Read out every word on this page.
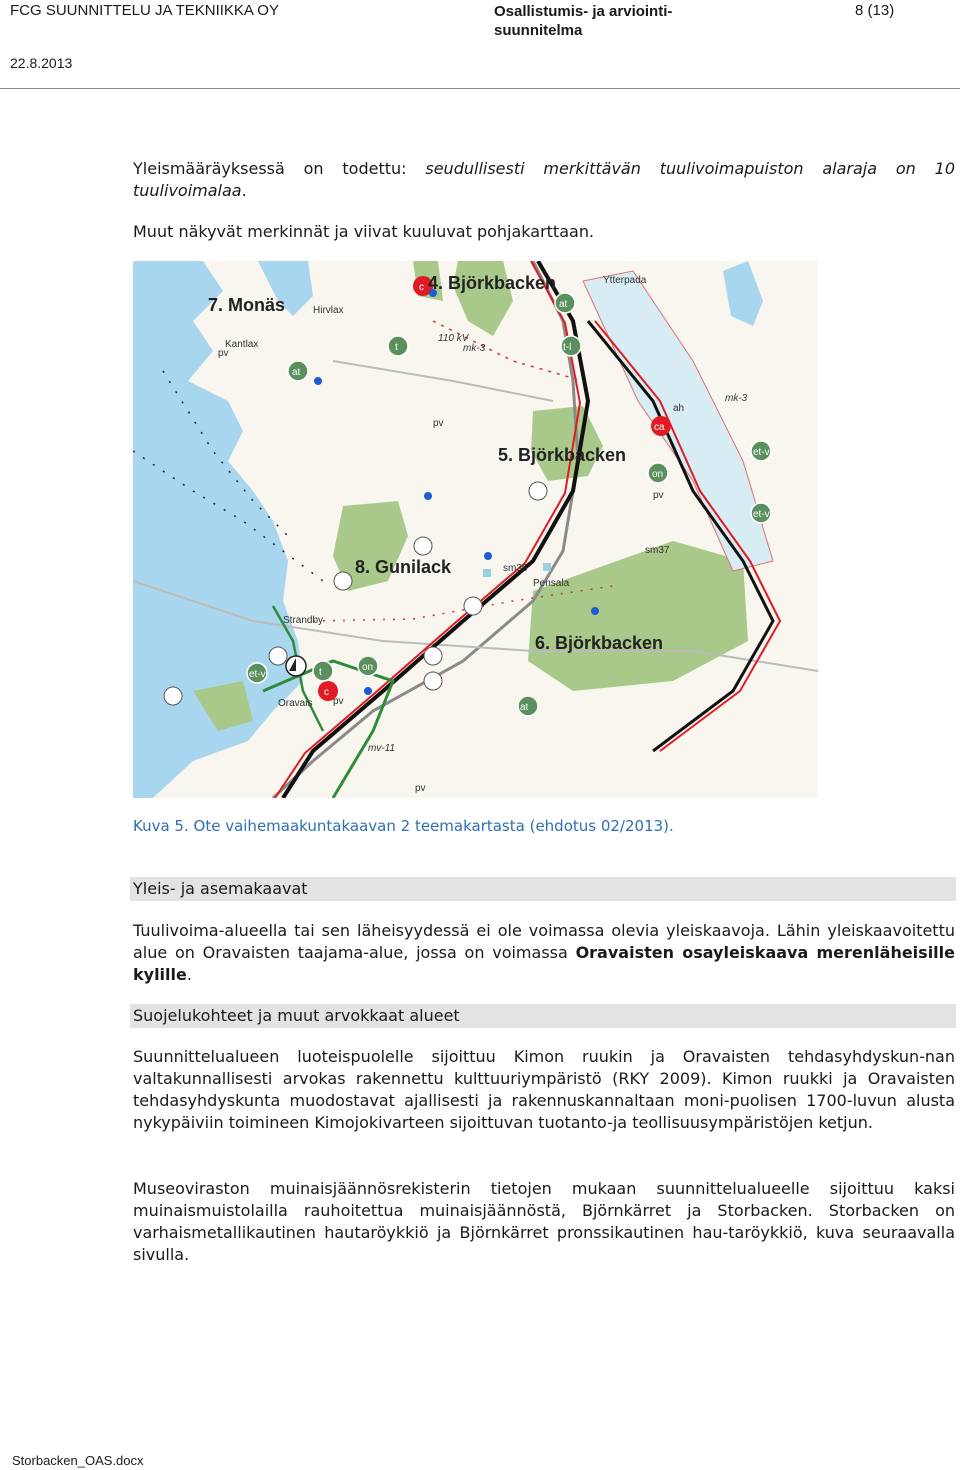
FCG SUUNNITTELU JA TEKNIIKKA OY	Osallistumis- ja arviointi-suunnitelma
8 (13)
22.8.2013
Yleismääräyksessä on todettu: seudullisesti merkittävän tuulivoimapuiston alaraja on 10 tuulivoimalaa.
Muut näkyvät merkinnät ja viivat kuuluvat pohjakarttaan.
4. Björkbacken
5. Björkbacken
6. Björkbacken
7. Monäs
8. Gunilack	sm36
sm37
mk-3
mk-3
mv-11
110 kV
pv
pv
pv
pv
pv
at
at
at
on
on
et-v
et-v
et-v
c
c
ca
t
t	t-l
ah
Pensala
Strandby
Hirvlax
Kantlax
Ytterpada
Oravais
Kuva 5. Ote vaihemaakuntakaavan 2 teemakartasta (ehdotus 02/2013).
Yleis- ja asemakaavat
Tuulivoima-alueella tai sen läheisyydessä ei ole voimassa olevia yleiskaavoja. Lähin yleiskaavoitettu alue on Oravaisten taajama-alue, jossa on voimassa Oravaisten osayleiskaava merenläheisille kylille.
Suojelukohteet ja muut arvokkaat alueet
Suunnittelualueen luoteispuolelle sijoittuu Kimon ruukin ja Oravaisten tehdasyhdyskun-nan valtakunnallisesti arvokas rakennettu kulttuuriympäristö (RKY 2009). Kimon ruukki ja Oravaisten tehdasyhdyskunta muodostavat ajallisesti ja rakennuskannaltaan moni-puolisen 1700-luvun alusta nykypäiviin toimineen Kimojokivarteen sijoittuvan tuotanto-ja teollisuusympäristöjen ketjun.
Museoviraston muinaisjäännösrekisterin tietojen mukaan suunnittelualueelle sijoittuu kaksi muinaismuistolailla rauhoitettua muinaisjäännöstä, Björnkärret ja Storbacken. Storbacken on varhaismetallikautinen hautaröykkiö ja Björnkärret pronssikautinen hau-taröykkiö, kuva seuraavalla sivulla.
Storbacken_OAS.docx
